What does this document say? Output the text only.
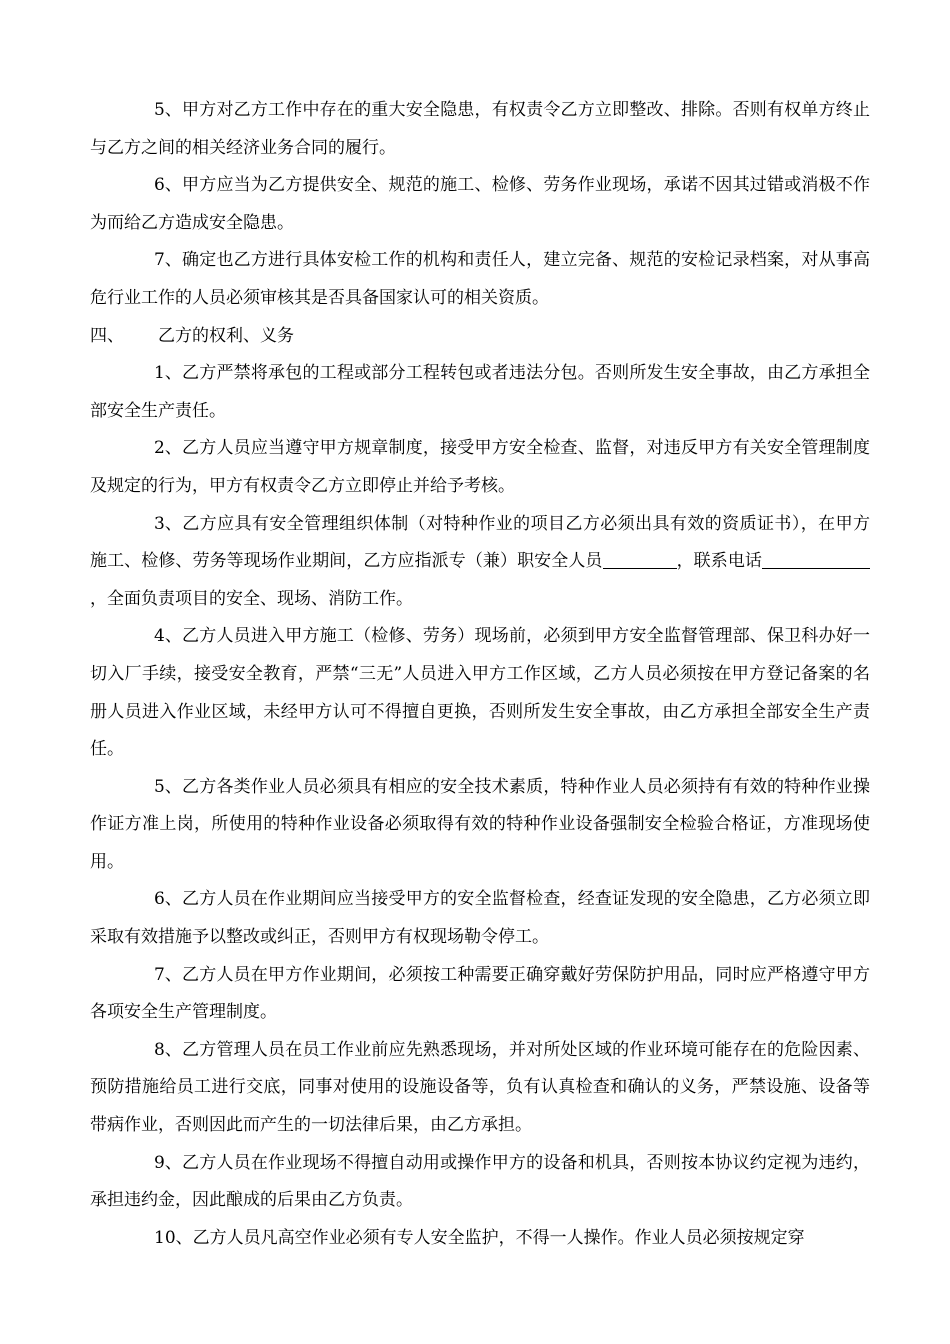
5、甲方对乙方工作中存在的重大安全隐患，有权责令乙方立即整改、排除。否则有权单方终止与乙方之间的相关经济业务合同的履行。

6、甲方应当为乙方提供安全、规范的施工、检修、劳务作业现场，承诺不因其过错或消极不作为而给乙方造成安全隐患。

7、确定也乙方进行具体安检工作的机构和责任人，建立完备、规范的安检记录档案，对从事高危行业工作的人员必须审核其是否具备国家认可的相关资质。

四、 乙方的权利、义务

1、乙方严禁将承包的工程或部分工程转包或者违法分包。否则所发生安全事故，由乙方承担全部安全生产责任。

2、乙方人员应当遵守甲方规章制度，接受甲方安全检查、监督，对违反甲方有关安全管理制度及规定的行为，甲方有权责令乙方立即停止并给予考核。

3、乙方应具有安全管理组织体制（对特种作业的项目乙方必须出具有效的资质证书），在甲方施工、检修、劳务等现场作业期间，乙方应指派专（兼）职安全人员	，联系电话，全面负责项目的安全、现场、消防工作。

4、乙方人员进入甲方施工（检修、劳务）现场前，必须到甲方安全监督管理部、保卫科办好一切入厂手续，接受安全教育，严禁“三无”人员进入甲方工作区域，乙方人员必须按在甲方登记备案的名册人员进入作业区域，未经甲方认可不得擅自更换，否则所发生安全事故，由乙方承担全部安全生产责任。

5、乙方各类作业人员必须具有相应的安全技术素质，特种作业人员必须持有有效的特种作业操作证方准上岗，所使用的特种作业设备必须取得有效的特种作业设备强制安全检验合格证，方准现场使用。

6、乙方人员在作业期间应当接受甲方的安全监督检查，经查证发现的安全隐患，乙方必须立即采取有效措施予以整改或纠正，否则甲方有权现场勒令停工。

7、乙方人员在甲方作业期间，必须按工种需要正确穿戴好劳保防护用品，同时应严格遵守甲方各项安全生产管理制度。

8、乙方管理人员在员工作业前应先熟悉现场，并对所处区域的作业环境可能存在的危险因素、预防措施给员工进行交底，同事对使用的设施设备等，负有认真检查和确认的义务，严禁设施、设备等带病作业，否则因此而产生的一切法律后果，由乙方承担。

9、乙方人员在作业现场不得擅自动用或操作甲方的设备和机具，否则按本协议约定视为违约，承担违约金，因此酿成的后果由乙方负责。

10、乙方人员凡高空作业必须有专人安全监护，不得一人操作。作业人员必须按规定穿
